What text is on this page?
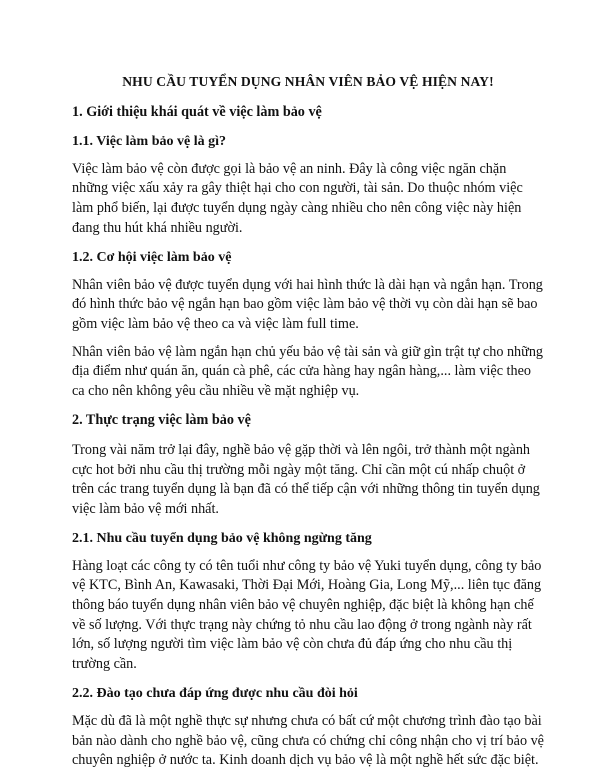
NHU CẦU TUYỂN DỤNG NHÂN VIÊN BẢO VỆ HIỆN NAY!
1. Giới thiệu khái quát về việc làm bảo vệ
1.1. Việc làm bảo vệ là gì?

Việc làm bảo vệ còn được gọi là bảo vệ an ninh. Đây là công việc ngăn chặn những việc xấu xảy ra gây thiệt hại cho con người, tài sản. Do thuộc nhóm việc làm phổ biến, lại được tuyển dụng ngày càng nhiều cho nên công việc này hiện đang thu hút khá nhiều người.

1.2. Cơ hội việc làm bảo vệ

Nhân viên bảo vệ được tuyển dụng với hai hình thức là dài hạn và ngắn hạn. Trong đó hình thức bảo vệ ngắn hạn bao gồm việc làm bảo vệ thời vụ còn dài hạn sẽ bao gồm việc làm bảo vệ theo ca và việc làm full time.

Nhân viên bảo vệ làm ngắn hạn chủ yếu bảo vệ tài sản và giữ gìn trật tự cho những địa điểm như quán ăn, quán cà phê, các cửa hàng hay ngân hàng,... làm việc theo ca cho nên không yêu cầu nhiều về mặt nghiệp vụ.

2. Thực trạng việc làm bảo vệ

Trong vài năm trở lại đây, nghề bảo vệ gặp thời và lên ngôi, trở thành một ngành cực hot bởi nhu cầu thị trường mỗi ngày một tăng. Chỉ cần một cú nhấp chuột ở trên các trang tuyển dụng là bạn đã có thể tiếp cận với những thông tin tuyển dụng việc làm bảo vệ mới nhất.

2.1. Nhu cầu tuyển dụng bảo vệ không ngừng tăng

Hàng loạt các công ty có tên tuổi như công ty bảo vệ Yuki tuyển dụng, công ty bảo vệ KTC, Bình An, Kawasaki, Thời Đại Mới, Hoàng Gia, Long Mỹ,... liên tục đăng thông báo tuyển dụng nhân viên bảo vệ chuyên nghiệp, đặc biệt là không hạn chế về số lượng. Với thực trạng này chứng tỏ nhu cầu lao động ở trong ngành này rất lớn, số lượng người tìm việc làm bảo vệ còn chưa đủ đáp ứng cho nhu cầu thị trường cần.

2.2. Đào tạo chưa đáp ứng được nhu cầu đòi hỏi

Mặc dù đã là một nghề thực sự nhưng chưa có bất cứ một chương trình đào tạo bài bản nào dành cho nghề bảo vệ, cũng chưa có chứng chỉ công nhận cho vị trí bảo vệ chuyên nghiệp ở nước ta. Kinh doanh dịch vụ bảo vệ là một nghề hết sức đặc biệt.
